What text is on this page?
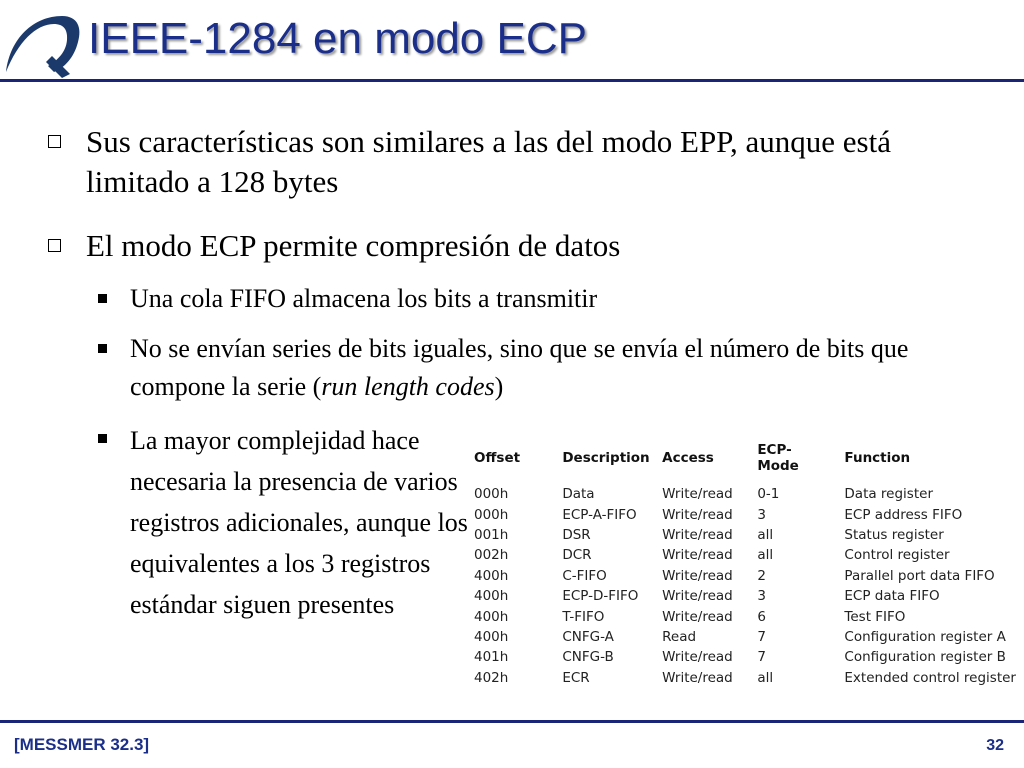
IEEE-1284 en modo ECP
Sus características son similares a las del modo EPP, aunque está limitado a 128 bytes
El modo ECP permite compresión de datos
Una cola FIFO almacena los bits a transmitir
No se envían series de bits iguales, sino que se envía el número de bits que compone la serie (run length codes)
La mayor complejidad hace necesaria la presencia de varios registros adicionales, aunque los equivalentes a los 3 registros estándar siguen presentes
Offset	Description	Access	ECP-Mode	Function
000h	Data	Write/read	0-1	Data register
000h	ECP-A-FIFO	Write/read	3	ECP address FIFO
001h	DSR	Write/read	all	Status register
002h	DCR	Write/read	all	Control register
400h	C-FIFO	Write/read	2	Parallel port data FIFO
400h	ECP-D-FIFO	Write/read	3	ECP data FIFO
400h	T-FIFO	Write/read	6	Test FIFO
400h	CNFG-A	Read	7	Configuration register A
401h	CNFG-B	Write/read	7	Configuration register B
402h	ECR	Write/read	all	Extended control register
[MESSMER 32.3]	32
